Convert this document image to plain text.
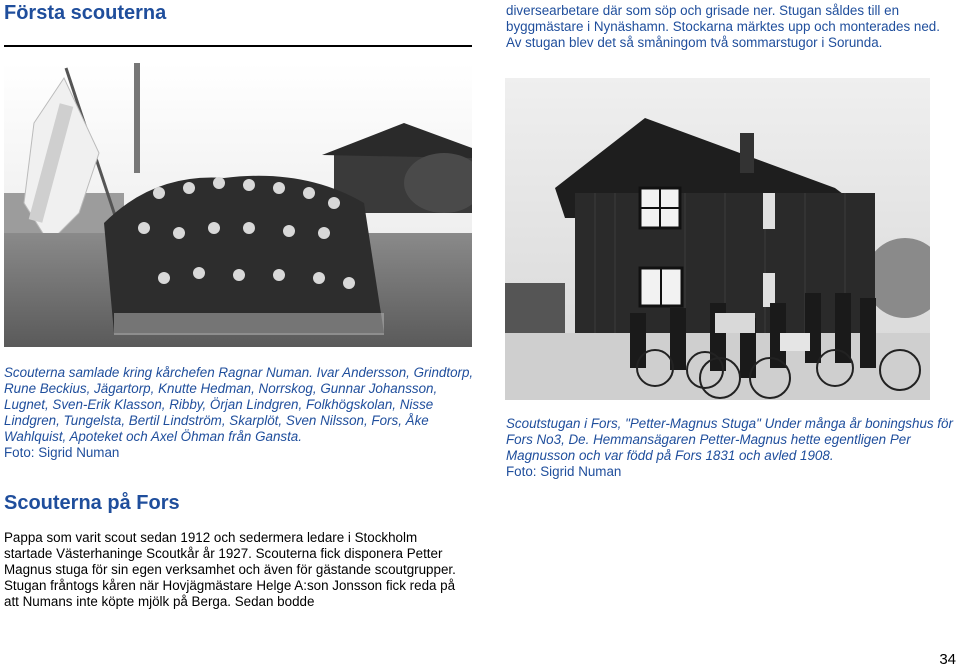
Första scouterna	diversearbetare där som söp och grisade ner. Stugan såldes till en byggmästare i Nynäshamn. Stockarna märktes upp och monterades ned. Av stugan blev det så småningom två sommarstugor i Sorunda.
Scouterna samlade kring kårchefen Ragnar Numan. Ivar Andersson, Grindtorp, Rune Beckius, Jägartorp, Knutte Hedman, Norrskog, Gunnar Johansson, Lugnet, Sven-Erik Klasson, Ribby, Örjan Lindgren, Folkhögskolan, Nisse Lindgren, Tungelsta, Bertil Lindström, Skarplöt, Sven Nilsson, Fors, Åke Wahlquist, Apoteket och Axel Öhman från Gansta.
Foto: Sigrid Numan
Scoutstugan i Fors, "Petter-Magnus Stuga" Under många år boningshus för Fors No3, De. Hemmansägaren Petter-Magnus hette egentligen Per Magnusson och var född på Fors 1831 och avled 1908.
Foto: Sigrid Numan
Scouterna på Fors
Pappa som varit scout sedan 1912 och sedermera ledare i Stockholm startade Västerhaninge Scoutkår år 1927. Scouterna fick disponera Petter Magnus stuga för sin egen verksamhet och även för gästande scoutgrupper. Stugan fråntogs kåren när Hovjägmästare Helge A:son Jonsson fick reda på att Numans inte köpte mjölk på Berga. Sedan bodde
34
